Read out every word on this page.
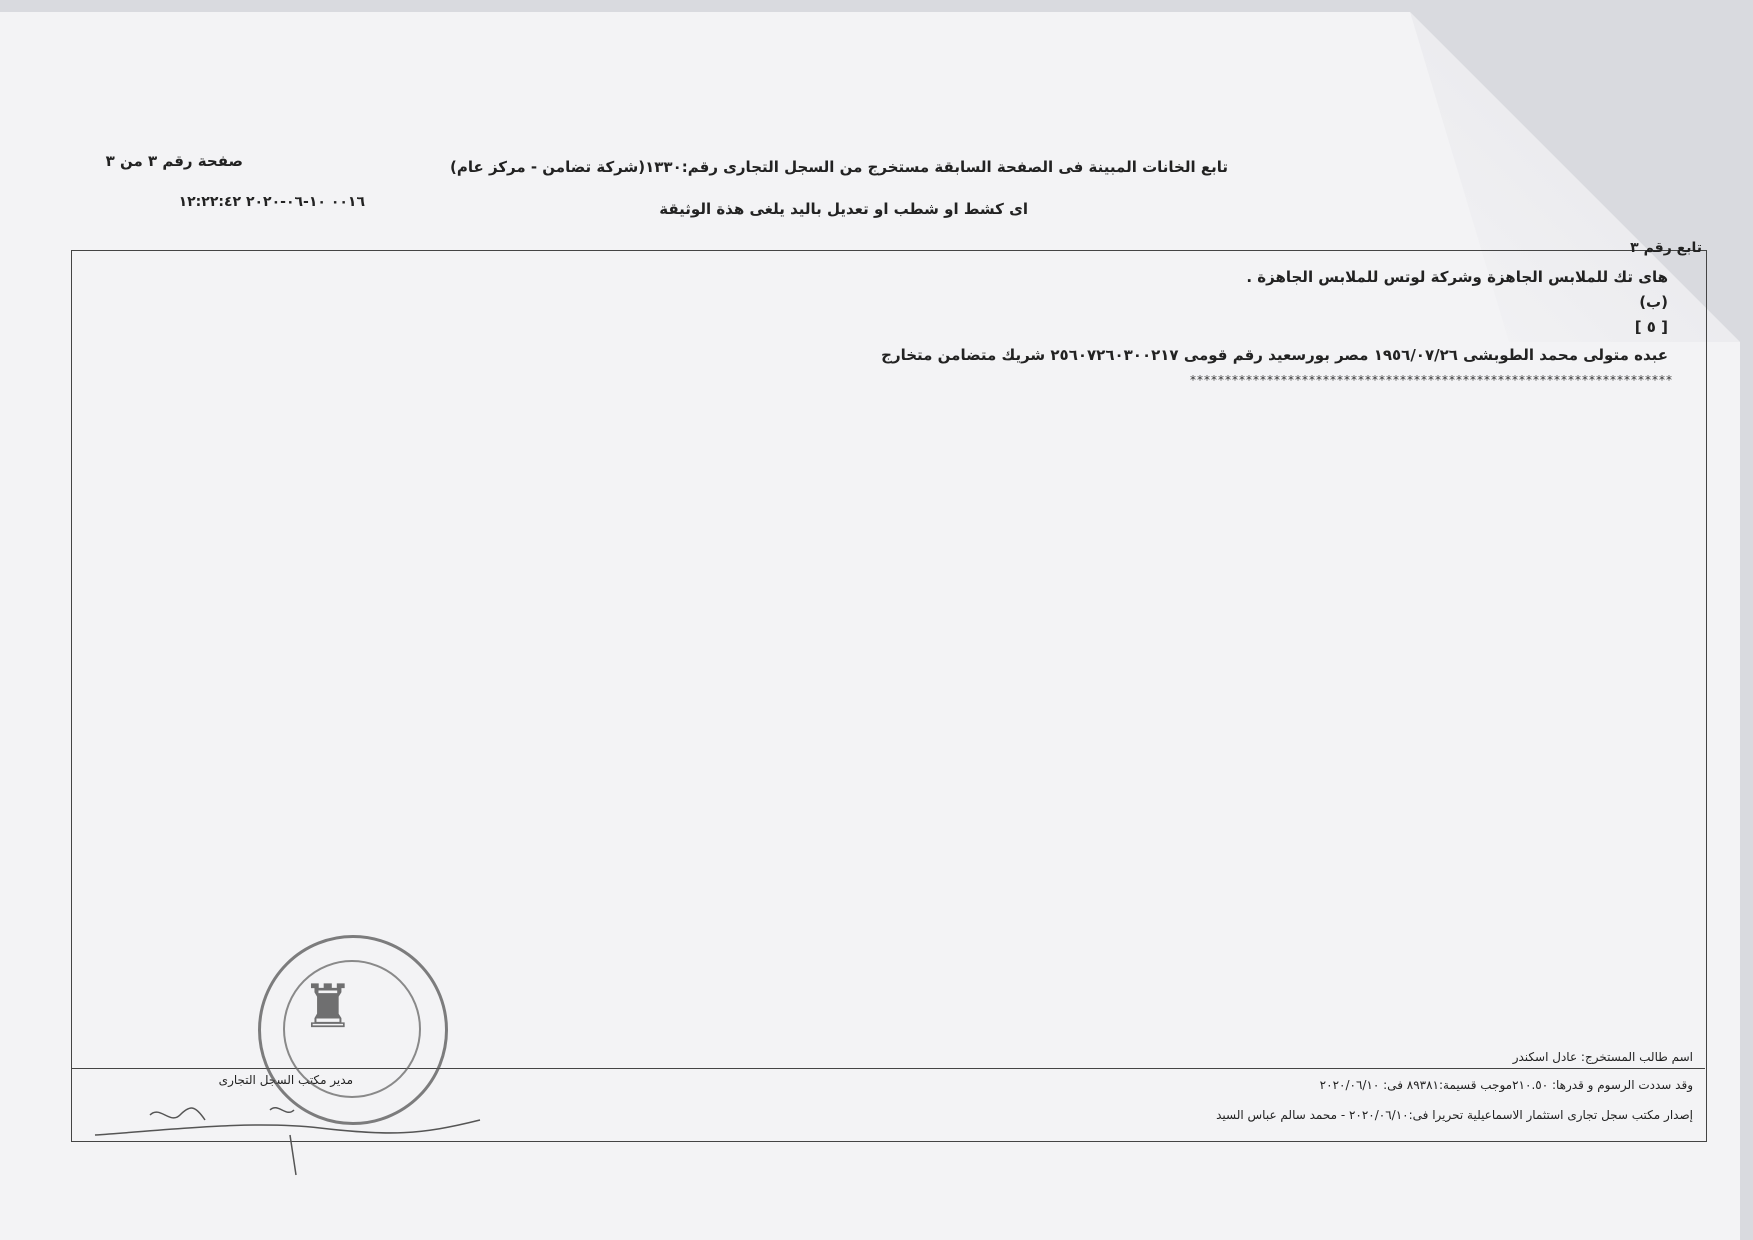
صفحة رقم ٣ من ٣
٠٠١٦ ١٠-٠٦-٢٠٢٠ ١٢:٢٢:٤٢
تابع الخانات المبينة فى الصفحة السابقة مستخرج من السجل التجارى رقم:١٣٣٠(شركة تضامن - مركز عام)
اى كشط او شطب او تعديل باليد يلغى هذة الوثيقة
تابع رقم ٣
هاى تك للملابس الجاهزة وشركة لوتس للملابس الجاهزة .
(ب)
[ ٥ ]
عبده متولى محمد الطوبشى ١٩٥٦/٠٧/٢٦ مصر بورسعيد رقم قومى ٢٥٦٠٧٢٦٠٣٠٠٢١٧ شريك متضامن متخارج
*********************************************************************
اسم طالب المستخرج: عادل اسكندر
وقد سددت الرسوم و قدرها: ٢١٠.٥٠موجب قسيمة:٨٩٣٨١ فى: ٢٠٢٠/٠٦/١٠
إصدار مكتب سجل تجارى استثمار الاسماعيلية تحريرا فى:٢٠٢٠/٠٦/١٠ - محمد سالم عباس السيد
مدير مكتب السجل التجارى
♜
